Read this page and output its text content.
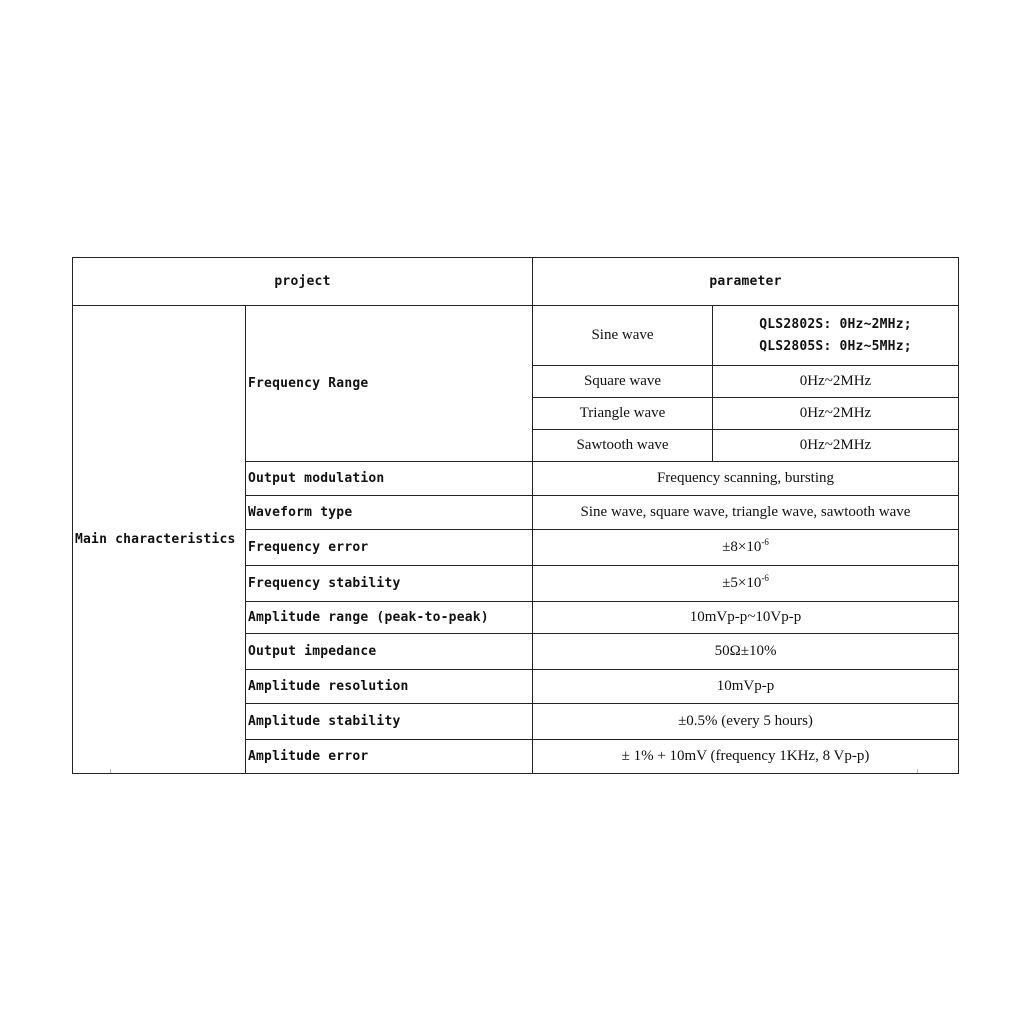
project		parameter	
Main characteristics	Frequency Range	Sine wave	QLS2802S: 0Hz~2MHz;
QLS2805S: 0Hz~5MHz;

		Square wave	0Hz~2MHz
		Triangle wave	0Hz~2MHz
		Sawtooth wave	0Hz~2MHz
	Output modulation	Frequency scanning, bursting	
	Waveform type	Sine wave, square wave, triangle wave, sawtooth wave	
	Frequency error	$\pm 8\times 10^{-6}$
	Frequency stability	$\pm 5\times 10^{-6}$
	Amplitude range (peak-to-peak)	10mVp-p~10Vp-p	
	Output impedance	50Ω±10%	
	Amplitude resolution	10mVp-p	
	Amplitude stability	±0.5% (every 5 hours)	
	Amplitude error	± 1% + 10mV (frequency 1KHz, 8 Vp-p)	
